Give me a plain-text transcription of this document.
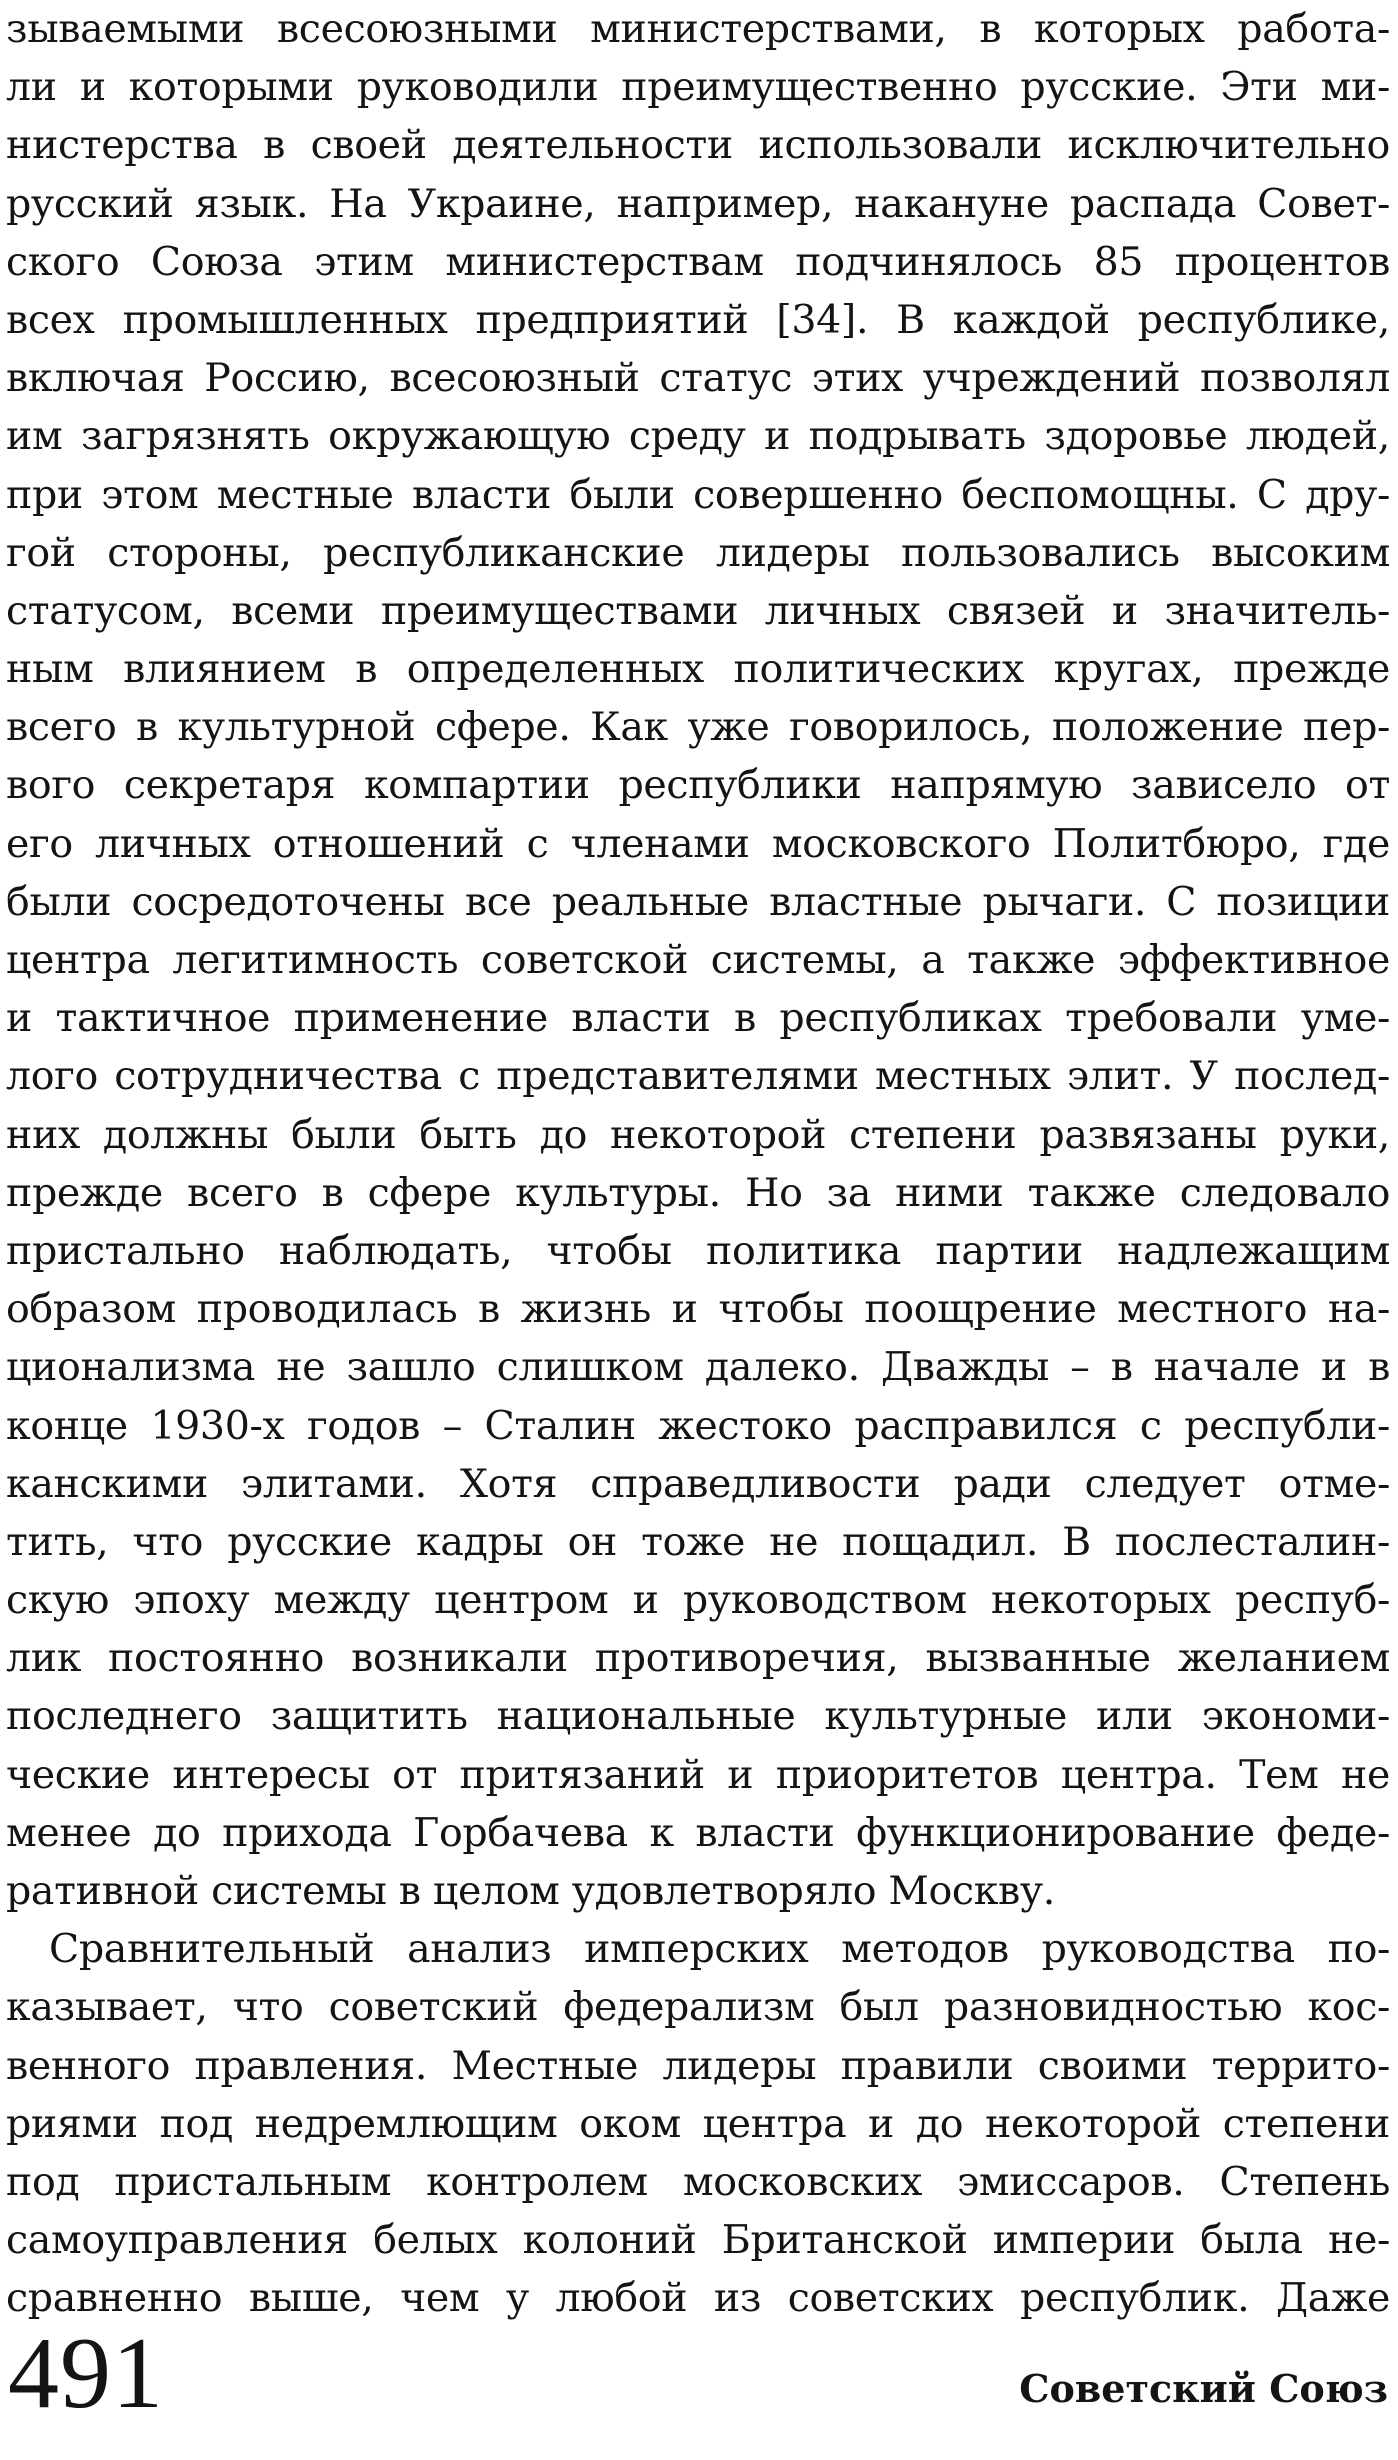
зываемыми всесоюзными министерствами, в которых работа-
ли и которыми руководили преимущественно русские. Эти ми-
нистерства в своей деятельности использовали исключительно
русский язык. На Украине, например, накануне распада Совет-
ского Союза этим министерствам подчинялось 85 процентов
всех промышленных предприятий [34]. В каждой республике,
включая Россию, всесоюзный статус этих учреждений позволял
им загрязнять окружающую среду и подрывать здоровье людей,
при этом местные власти были совершенно беспомощны. С дру-
гой стороны, республиканские лидеры пользовались высоким
статусом, всеми преимуществами личных связей и значитель-
ным влиянием в определенных политических кругах, прежде
всего в культурной сфере. Как уже говорилось, положение пер-
вого секретаря компартии республики напрямую зависело от
его личных отношений с членами московского Политбюро, где
были сосредоточены все реальные властные рычаги. С позиции
центра легитимность советской системы, а также эффективное
и тактичное применение власти в республиках требовали уме-
лого сотрудничества с представителями местных элит. У послед-
них должны были быть до некоторой степени развязаны руки,
прежде всего в сфере культуры. Но за ними также следовало
пристально наблюдать, чтобы политика партии надлежащим
образом проводилась в жизнь и чтобы поощрение местного на-
ционализма не зашло слишком далеко. Дважды – в начале и в
конце 1930-х годов – Сталин жестоко расправился с республи-
канскими элитами. Хотя справедливости ради следует отме-
тить, что русские кадры он тоже не пощадил. В послесталин-
скую эпоху между центром и руководством некоторых респуб-
лик постоянно возникали противоречия, вызванные желанием
последнего защитить национальные культурные или экономи-
ческие интересы от притязаний и приоритетов центра. Тем не
менее до прихода Горбачева к власти функционирование феде-
ративной системы в целом удовлетворяло Москву.
Сравнительный анализ имперских методов руководства по-
казывает, что советский федерализм был разновидностью кос-
венного правления. Местные лидеры правили своими террито-
риями под недремлющим оком центра и до некоторой степени
под пристальным контролем московских эмиссаров. Степень
самоуправления белых колоний Британской империи была не-
сравненно выше, чем у любой из советских республик. Даже
491	Советский Союз
